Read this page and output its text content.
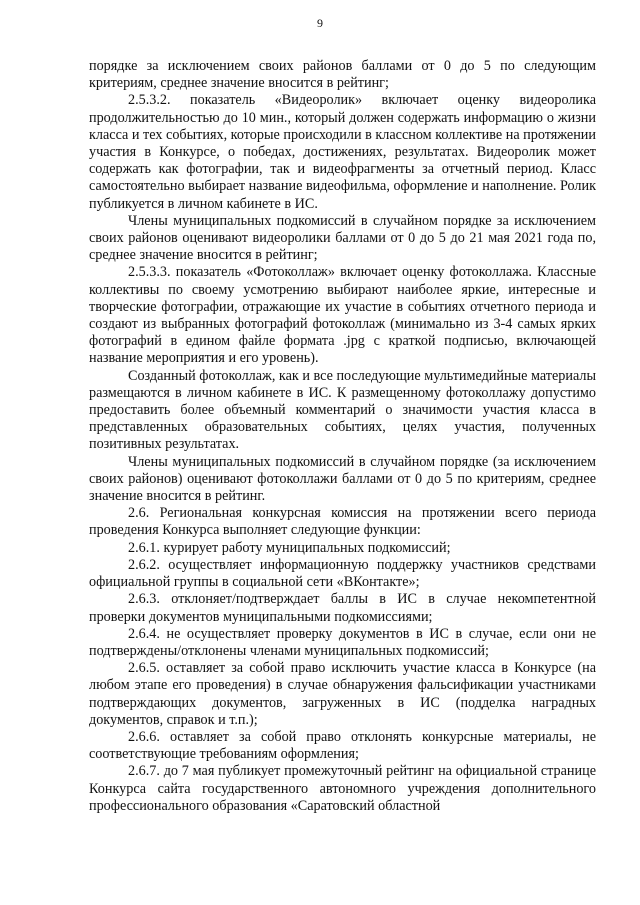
9

порядке за исключением своих районов баллами от 0 до 5 по следующим критериям, среднее значение вносится в рейтинг;

2.5.3.2. показатель «Видеоролик» включает оценку видеоролика продолжительностью до 10 мин., который должен содержать информацию о жизни класса и тех событиях, которые происходили в классном коллективе на протяжении участия в Конкурсе, о победах, достижениях, результатах. Видеоролик может содержать как фотографии, так и видеофрагменты за отчетный период. Класс самостоятельно выбирает название видеофильма, оформление и наполнение. Ролик публикуется в личном кабинете в ИС.

Члены муниципальных подкомиссий в случайном порядке за исключением своих районов оценивают видеоролики баллами от 0 до 5 до 21 мая 2021 года по, среднее значение вносится в рейтинг;

2.5.3.3. показатель «Фотоколлаж» включает оценку фотоколлажа. Классные коллективы по своему усмотрению выбирают наиболее яркие, интересные и творческие фотографии, отражающие их участие в событиях отчетного периода и создают из выбранных фотографий фотоколлаж (минимально из 3-4 самых ярких фотографий в едином файле формата .jpg с краткой подписью, включающей название мероприятия и его уровень).

Созданный фотоколлаж, как и все последующие мультимедийные материалы размещаются в личном кабинете в ИС. К размещенному фотоколлажу допустимо предоставить более объемный комментарий о значимости участия класса в представленных образовательных событиях, целях участия, полученных позитивных результатах.

Члены муниципальных подкомиссий в случайном порядке (за исключением своих районов) оценивают фотоколлажи баллами от 0 до 5 по критериям, среднее значение вносится в рейтинг.

2.6. Региональная конкурсная комиссия на протяжении всего периода проведения Конкурса выполняет следующие функции:

2.6.1. курирует работу муниципальных подкомиссий;

2.6.2. осуществляет информационную поддержку участников средствами официальной группы в социальной сети «ВКонтакте»;

2.6.3. отклоняет/подтверждает баллы в ИС в случае некомпетентной проверки документов муниципальными подкомиссиями;

2.6.4. не осуществляет проверку документов в ИС в случае, если они не подтверждены/отклонены членами муниципальных подкомиссий;

2.6.5. оставляет за собой право исключить участие класса в Конкурсе (на любом этапе его проведения) в случае обнаружения фальсификации участниками подтверждающих документов, загруженных в ИС (подделка наградных документов, справок и т.п.);

2.6.6. оставляет за собой право отклонять конкурсные материалы, не соответствующие требованиям оформления;

2.6.7. до 7 мая публикует промежуточный рейтинг на официальной странице Конкурса сайта государственного автономного учреждения дополнительного профессионального образования «Саратовский областной
